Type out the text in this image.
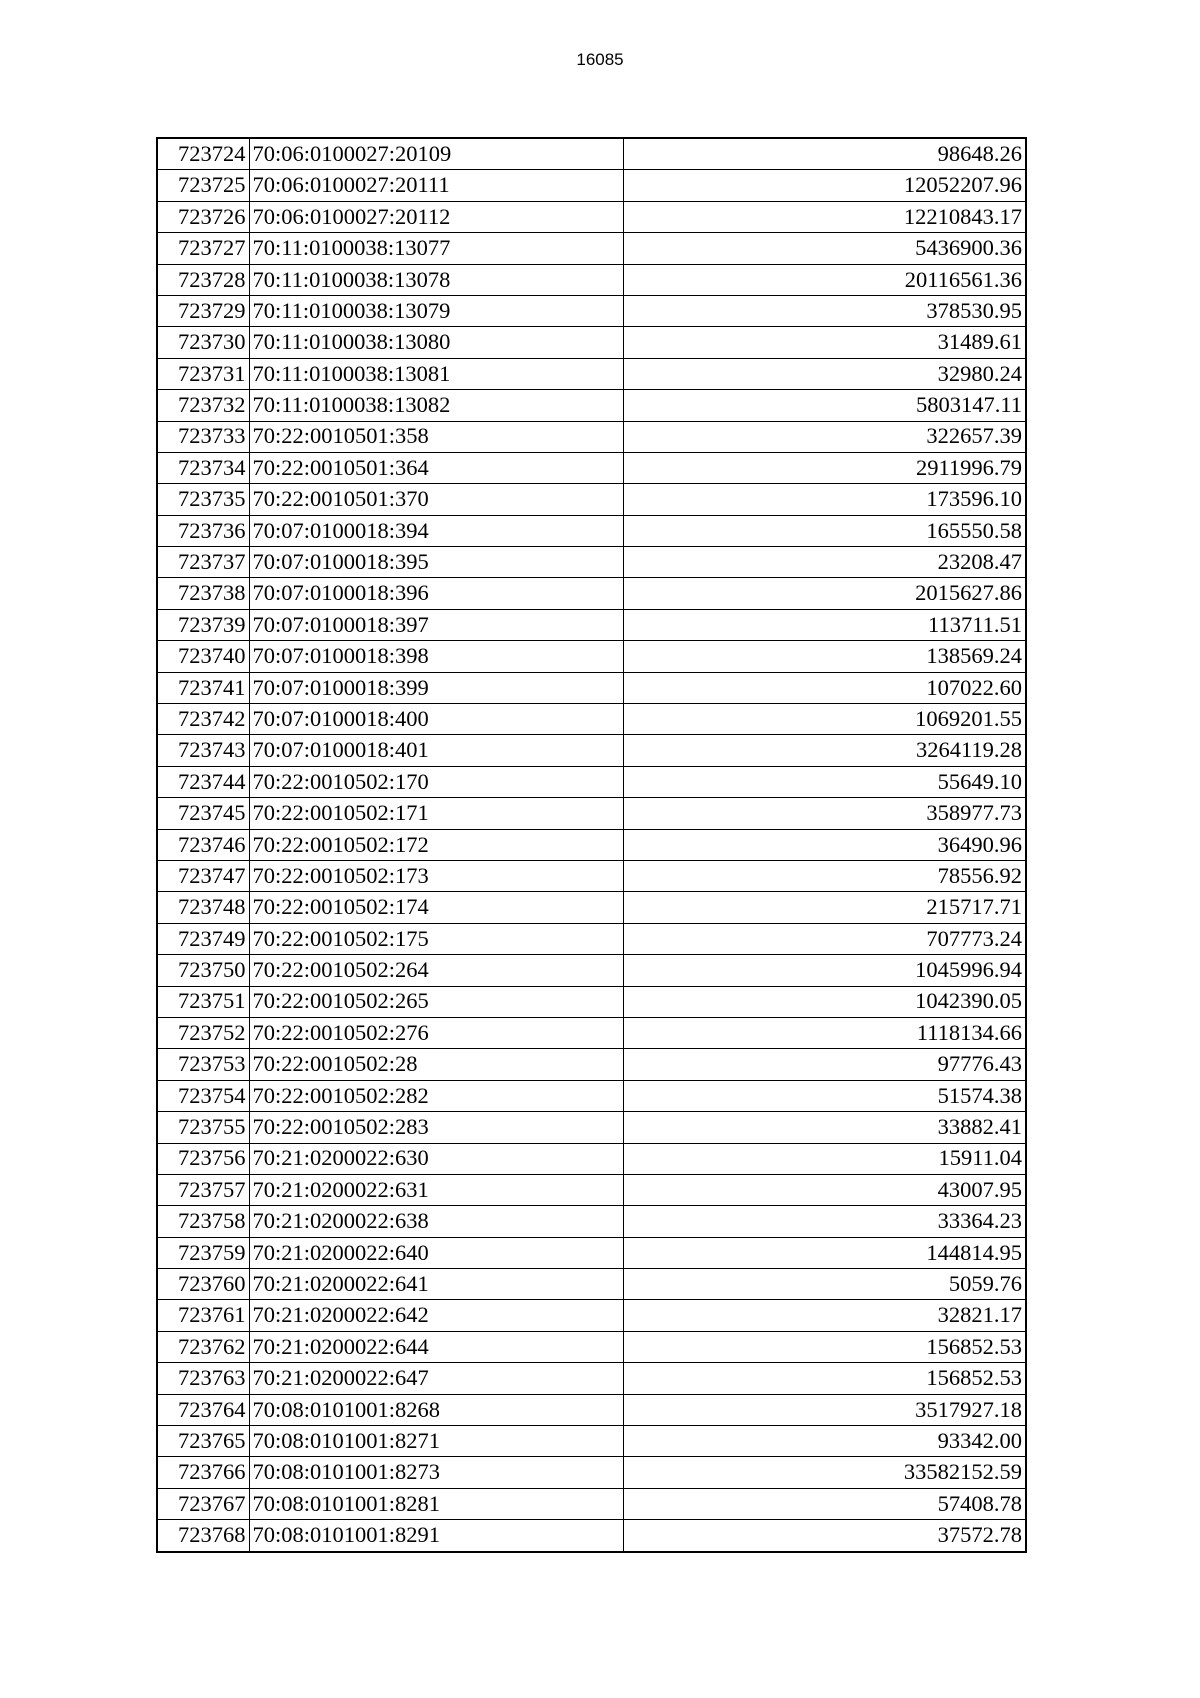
16085
723724	70:06:0100027:20109	98648.26
723725	70:06:0100027:20111	12052207.96
723726	70:06:0100027:20112	12210843.17
723727	70:11:0100038:13077	5436900.36
723728	70:11:0100038:13078	20116561.36
723729	70:11:0100038:13079	378530.95
723730	70:11:0100038:13080	31489.61
723731	70:11:0100038:13081	32980.24
723732	70:11:0100038:13082	5803147.11
723733	70:22:0010501:358	322657.39
723734	70:22:0010501:364	2911996.79
723735	70:22:0010501:370	173596.10
723736	70:07:0100018:394	165550.58
723737	70:07:0100018:395	23208.47
723738	70:07:0100018:396	2015627.86
723739	70:07:0100018:397	113711.51
723740	70:07:0100018:398	138569.24
723741	70:07:0100018:399	107022.60
723742	70:07:0100018:400	1069201.55
723743	70:07:0100018:401	3264119.28
723744	70:22:0010502:170	55649.10
723745	70:22:0010502:171	358977.73
723746	70:22:0010502:172	36490.96
723747	70:22:0010502:173	78556.92
723748	70:22:0010502:174	215717.71
723749	70:22:0010502:175	707773.24
723750	70:22:0010502:264	1045996.94
723751	70:22:0010502:265	1042390.05
723752	70:22:0010502:276	1118134.66
723753	70:22:0010502:28	97776.43
723754	70:22:0010502:282	51574.38
723755	70:22:0010502:283	33882.41
723756	70:21:0200022:630	15911.04
723757	70:21:0200022:631	43007.95
723758	70:21:0200022:638	33364.23
723759	70:21:0200022:640	144814.95
723760	70:21:0200022:641	5059.76
723761	70:21:0200022:642	32821.17
723762	70:21:0200022:644	156852.53
723763	70:21:0200022:647	156852.53
723764	70:08:0101001:8268	3517927.18
723765	70:08:0101001:8271	93342.00
723766	70:08:0101001:8273	33582152.59
723767	70:08:0101001:8281	57408.78
723768	70:08:0101001:8291	37572.78
